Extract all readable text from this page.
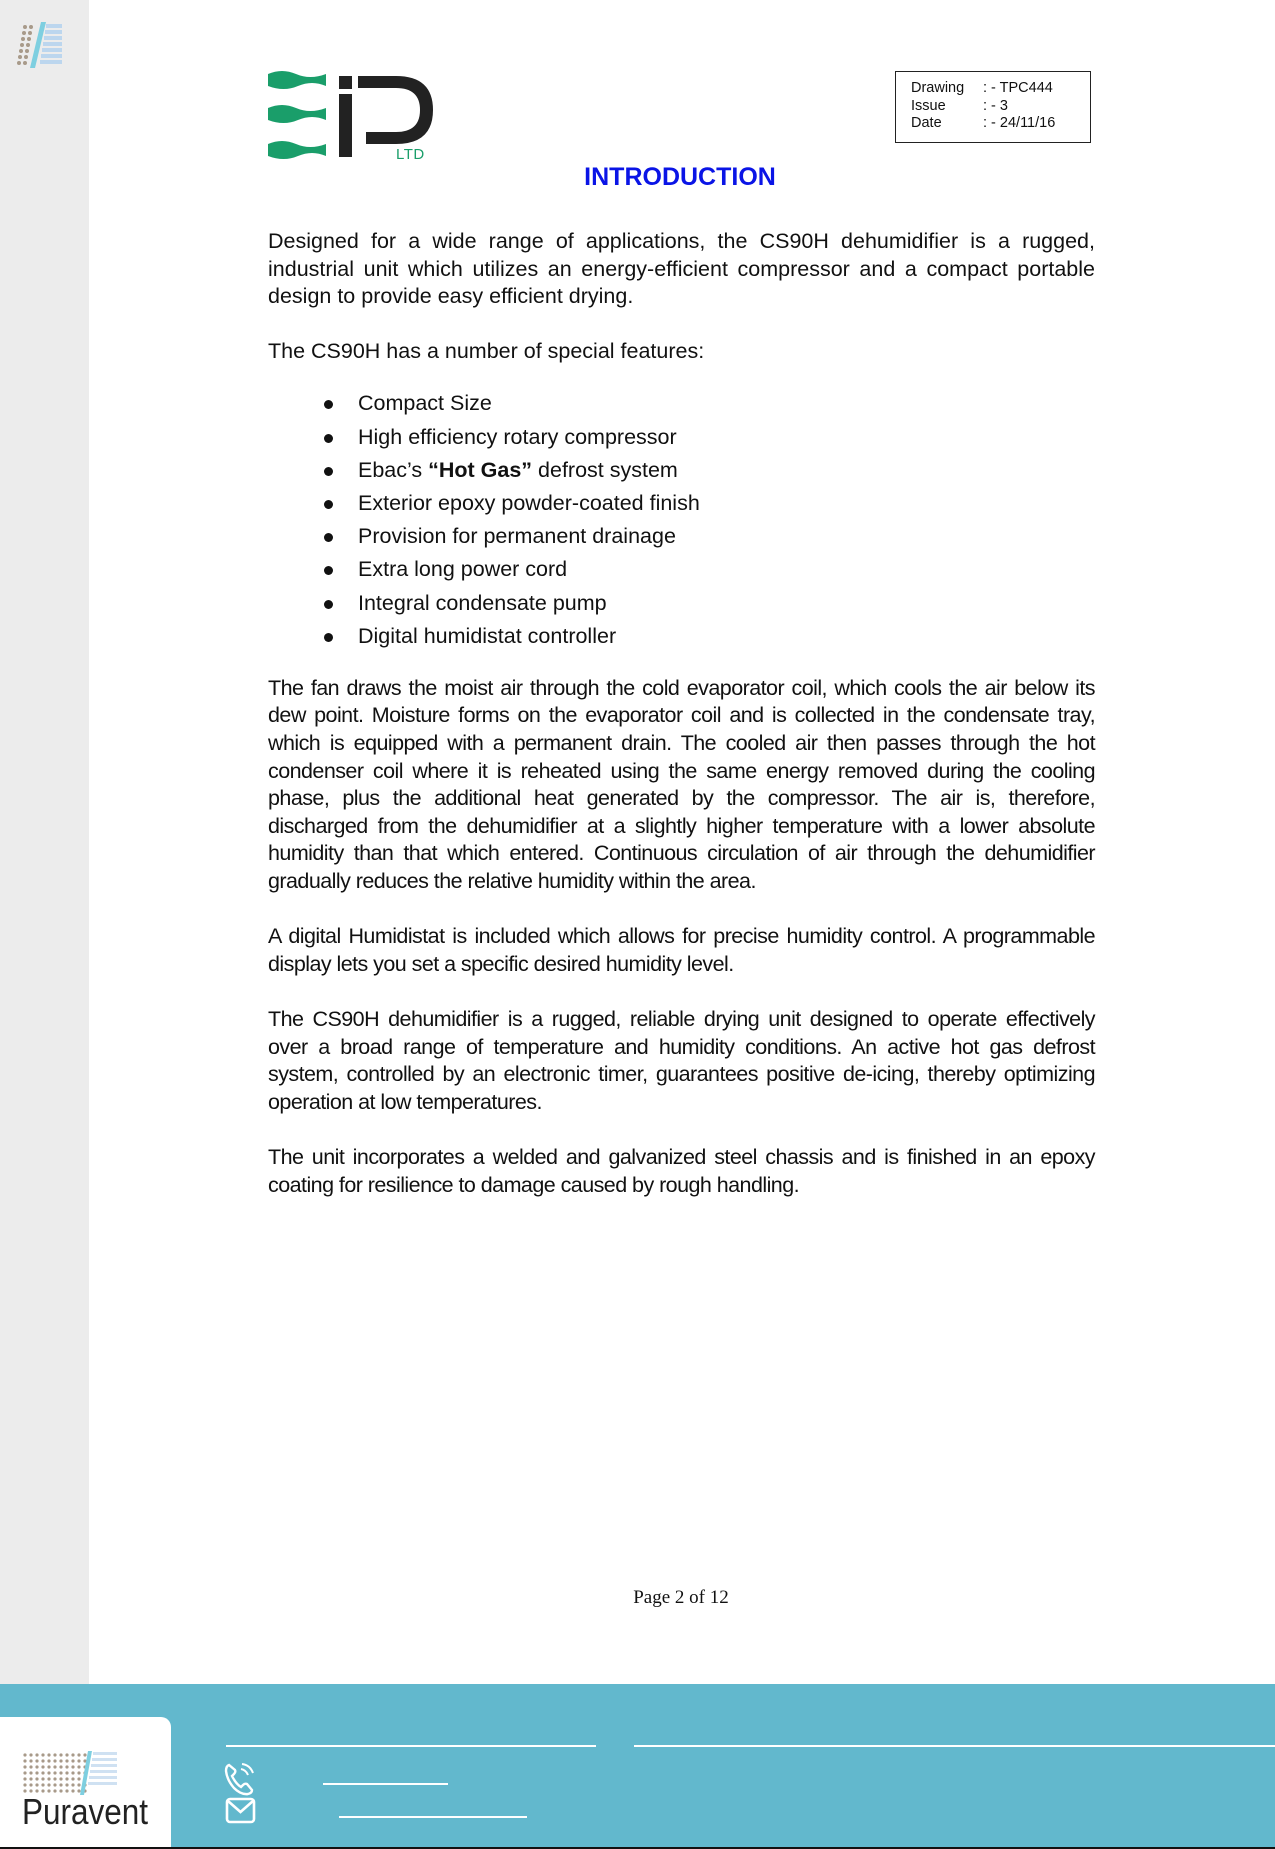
LTD
Drawing	: - TPC444
Issue	: - 3
Date	: - 24/11/16
INTRODUCTION

Designed for a wide range of applications, the CS90H dehumidifier is a rugged, industrial unit which utilizes an energy-efficient compressor and a compact portable design to provide easy efficient drying.

The CS90H has a number of special features:

Compact Size
High efficiency rotary compressor
Ebac’s “Hot Gas” defrost system
Exterior epoxy powder-coated finish
Provision for permanent drainage
Extra long power cord
Integral condensate pump
Digital humidistat controller

The fan draws the moist air through the cold evaporator coil, which cools the air below its dew point. Moisture forms on the evaporator coil and is collected in the condensate tray, which is equipped with a permanent drain. The cooled air then passes through the hot condenser coil where it is reheated using the same energy removed during the cooling phase, plus the additional heat generated by the compressor. The air is, therefore, discharged from the dehumidifier at a slightly higher temperature with a lower absolute humidity than that which entered. Continuous circulation of air through the dehumidifier gradually reduces the relative humidity within the area.

A digital Humidistat is included which allows for precise humidity control. A programmable display lets you set a specific desired humidity level.

The CS90H dehumidifier is a rugged, reliable drying unit designed to operate effectively over a broad range of temperature and humidity conditions. An active hot gas defrost system, controlled by an electronic timer, guarantees positive de-icing, thereby optimizing operation at low temperatures.

The unit incorporates a welded and galvanized steel chassis and is finished in an epoxy coating for resilience to damage caused by rough handling.

Page 2 of 12
Puravent
